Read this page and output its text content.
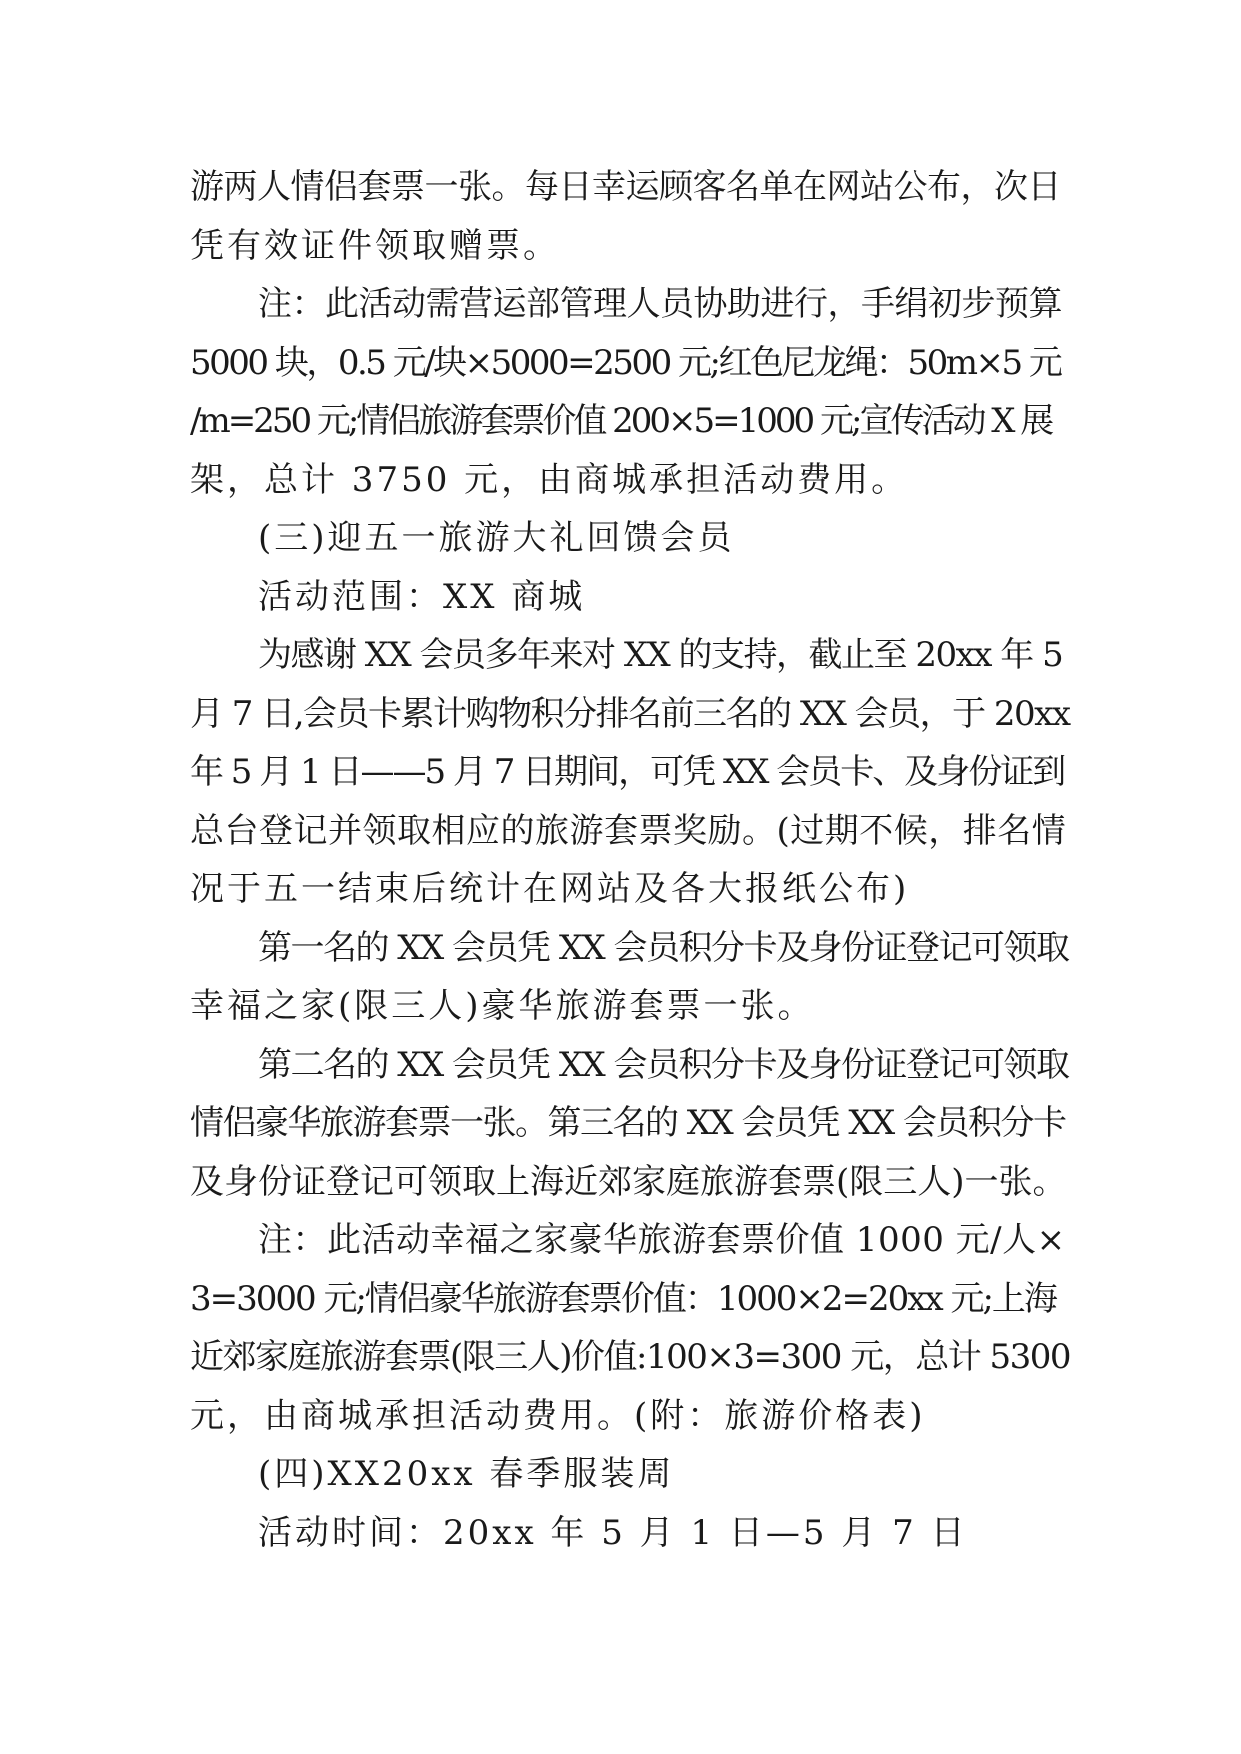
游两人情侣套票一张。每日幸运顾客名单在网站公布，次日
凭有效证件领取赠票。
注：此活动需营运部管理人员协助进行，手绢初步预算
5000 块，0.5 元/块×5000=2500 元;红色尼龙绳：50m×5 元
/m=250 元;情侣旅游套票价值 200×5=1000 元;宣传活动 X 展
架，总计 3750 元，由商城承担活动费用。
(三)迎五一旅游大礼回馈会员
活动范围：XX 商城
为感谢 XX 会员多年来对 XX 的支持，截止至 20xx 年 5
月 7 日,会员卡累计购物积分排名前三名的 XX 会员，于 20xx
年 5 月 1 日——5 月 7 日期间，可凭 XX 会员卡、及身份证到
总台登记并领取相应的旅游套票奖励。(过期不候，排名情
况于五一结束后统计在网站及各大报纸公布)
第一名的 XX 会员凭 XX 会员积分卡及身份证登记可领取
幸福之家(限三人)豪华旅游套票一张。
第二名的 XX 会员凭 XX 会员积分卡及身份证登记可领取
情侣豪华旅游套票一张。第三名的 XX 会员凭 XX 会员积分卡
及身份证登记可领取上海近郊家庭旅游套票(限三人)一张。
注：此活动幸福之家豪华旅游套票价值 1000 元/人×
3=3000 元;情侣豪华旅游套票价值：1000×2=20xx 元;上海
近郊家庭旅游套票(限三人)价值:100×3=300 元，总计 5300
元，由商城承担活动费用。(附：旅游价格表)
(四)XX20xx 春季服装周
活动时间：20xx 年 5 月 1 日—5 月 7 日
